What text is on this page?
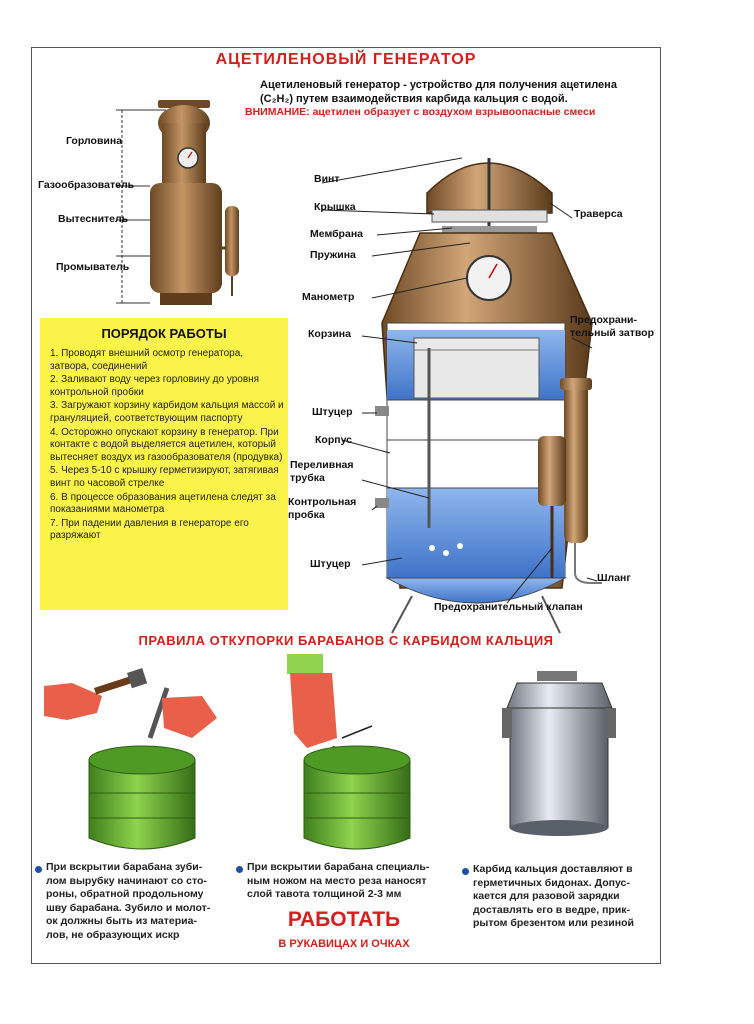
АЦЕТИЛЕНОВЫЙ ГЕНЕРАТОР
Ацетиленовый генератор - устройство для получения ацетилена
(C₂H₂) путем взаимодействия карбида кальция с водой.
ВНИМАНИЕ: ацетилен образует с воздухом взрывоопасные смеси
Горловина
Газообразователь
Вытеснитель
Промыватель
Винт
Крышка
Мембрана
Пружина
Манометр
Корзина
Траверса
Предохрани-
тельный затвор
Штуцер
Корпус
Переливная
трубка
Контрольная
пробка
Штуцер
Шланг
Предохранительный клапан
ПОРЯДОК РАБОТЫ
1. Проводят внешний осмотр генератора, затвора, соединений
2. Заливают воду через горловину до уровня контрольной пробки
3. Загружают корзину карбидом кальция массой и грануляцией, соответствующим паспорту
4. Осторожно опускают корзину в генератор. При контакте с водой выделяется ацетилен, который вытесняет воздух из газообразователя (продувка)
5. Через 5-10 с крышку герметизируют, затягивая винт по часовой стрелке
6. В процессе образования ацетилена следят за показаниями манометра
7. При падении давления в генераторе его разряжают
ПРАВИЛА ОТКУПОРКИ БАРАБАНОВ С КАРБИДОМ КАЛЬЦИЯ
При вскрытии барабана зуби-
лом вырубку начинают со сто-
роны, обратной продольному
шву барабана. Зубило и молот-
ок должны быть из материа-
лов, не образующих искр
При вскрытии барабана специаль-
ным ножом на место реза наносят
слой тавота толщиной 2-3 мм
Карбид кальция доставляют в
герметичных бидонах. Допус-
кается для разовой зарядки
доставлять его в ведре, прик-
рытом брезентом или резиной
РАБОТАТЬ
В РУКАВИЦАХ И ОЧКАХ
